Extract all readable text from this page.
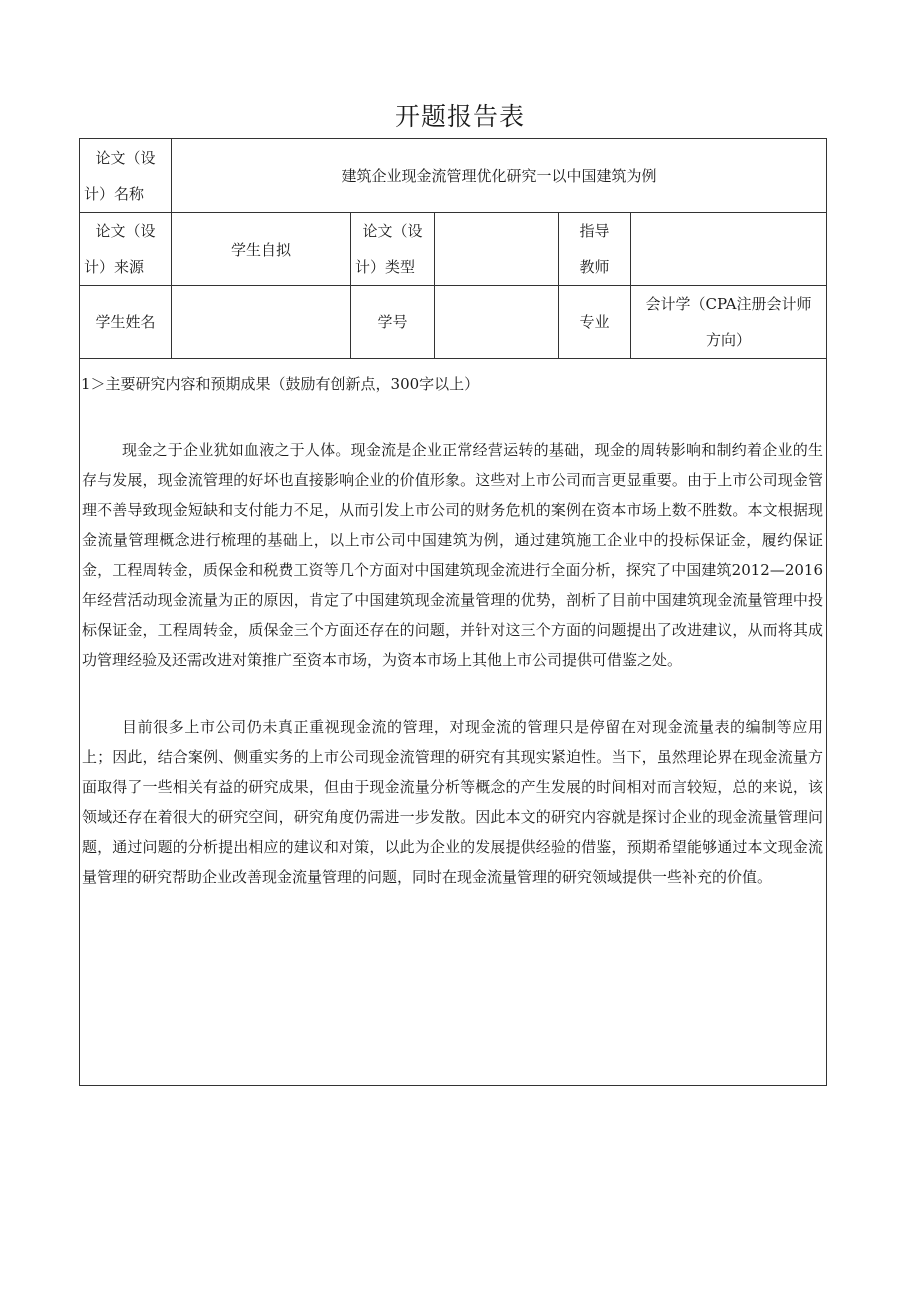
开题报告表
论文（设
计）名称	建筑企业现金流管理优化研究一以中国建筑为例				

论文（设
计）来源	学生自拟	论文（设
计）类型		指导
教师	

学生姓名		学号		专业	会计学（CPA注册会计师
方向）

1＞主要研究内容和预期成果（鼓励有创新点，300字以上）

现金之于企业犹如血液之于人体。现金流是企业正常经营运转的基础，现金的周转影响和制约着企业的生存与发展，现金流管理的好坏也直接影响企业的价值形象。这些对上市公司而言更显重要。由于上市公司现金管理不善导致现金短缺和支付能力不足，从而引发上市公司的财务危机的案例在资本市场上数不胜数。本文根据现金流量管理概念进行梳理的基础上，以上市公司中国建筑为例，通过建筑施工企业中的投标保证金，履约保证金，工程周转金，质保金和税费工资等几个方面对中国建筑现金流进行全面分析，探究了中国建筑2012—2016年经营活动现金流量为正的原因，肯定了中国建筑现金流量管理的优势，剖析了目前中国建筑现金流量管理中投标保证金，工程周转金，质保金三个方面还存在的问题，并针对这三个方面的问题提出了改进建议，从而将其成功管理经验及还需改进对策推广至资本市场，为资本市场上其他上市公司提供可借鉴之处。

目前很多上市公司仍未真正重视现金流的管理，对现金流的管理只是停留在对现金流量表的编制等应用上；因此，结合案例、侧重实务的上市公司现金流管理的研究有其现实紧迫性。当下，虽然理论界在现金流量方面取得了一些相关有益的研究成果，但由于现金流量分析等概念的产生发展的时间相对而言较短，总的来说，该领域还存在着很大的研究空间，研究角度仍需进一步发散。因此本文的研究内容就是探讨企业的现金流量管理问题，通过问题的分析提出相应的建议和对策，以此为企业的发展提供经验的借鉴，预期希望能够通过本文现金流量管理的研究帮助企业改善现金流量管理的问题，同时在现金流量管理的研究领域提供一些补充的价值。					
